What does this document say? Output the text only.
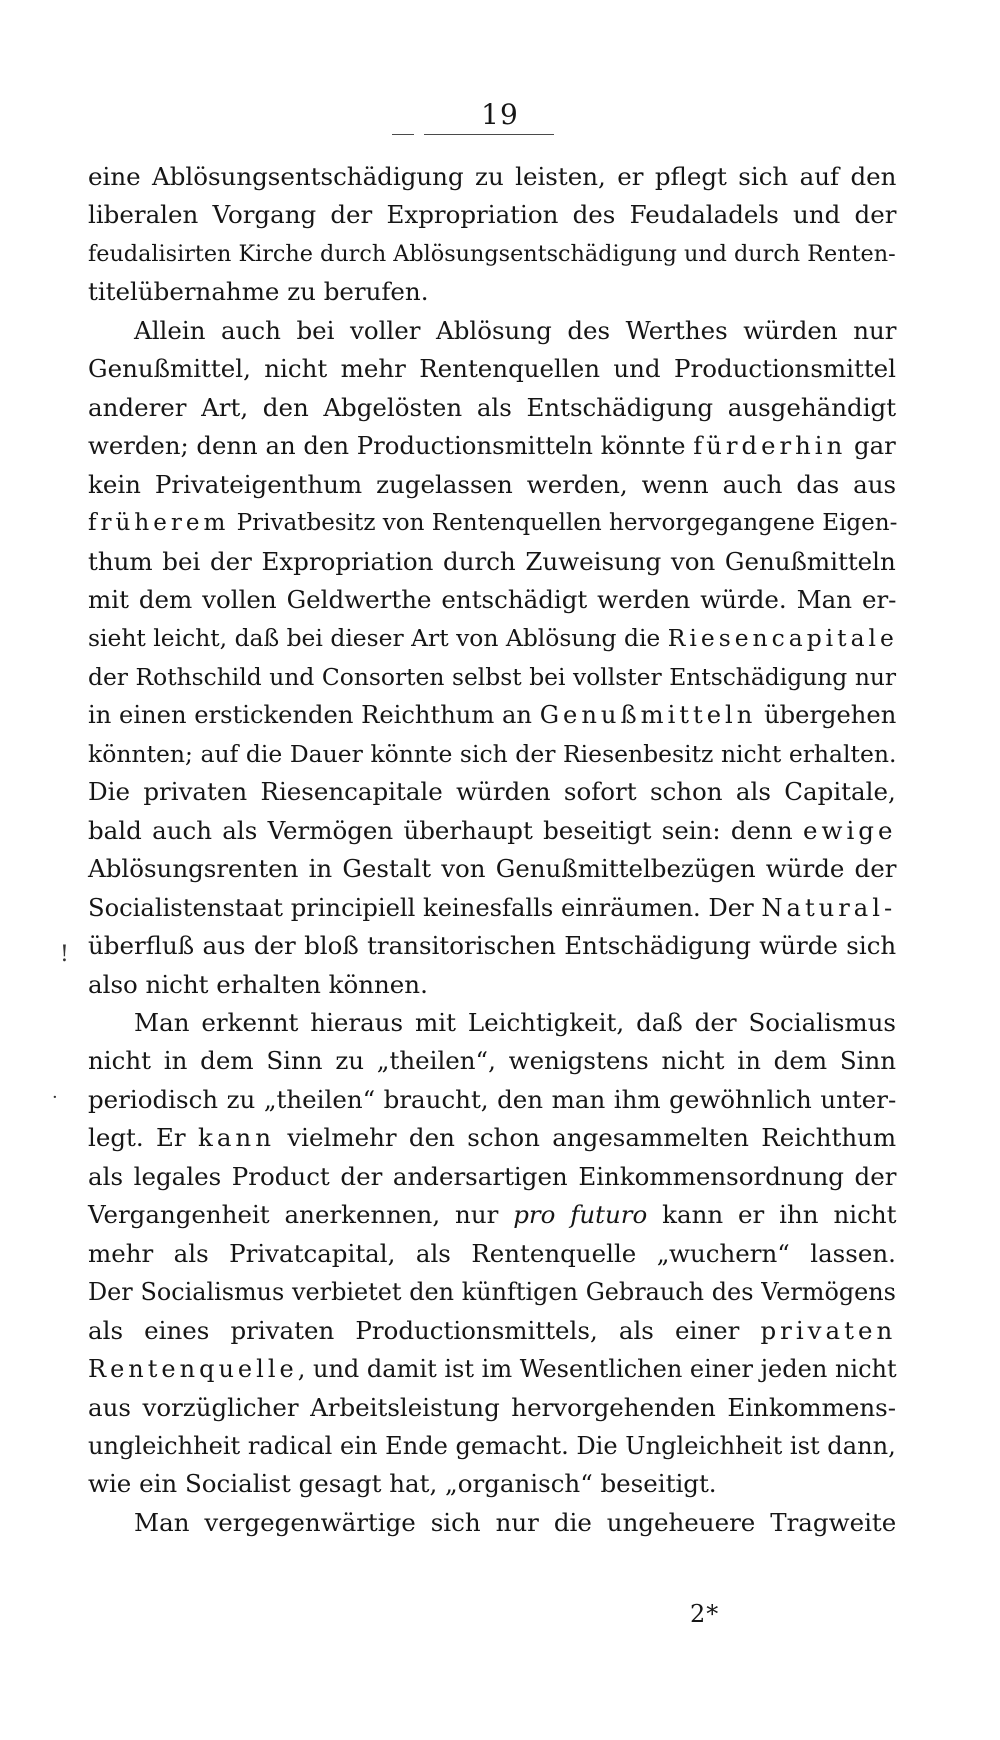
19
!
·
eine Ablösungsentschädigung zu leisten, er pflegt sich auf den
liberalen Vorgang der Expropriation des Feudaladels und der
feudalisirten Kirche durch Ablösungsentschädigung und durch Renten-
titelübernahme zu berufen.
Allein auch bei voller Ablösung des Werthes würden nur
Genußmittel, nicht mehr Rentenquellen und Productionsmittel
anderer Art, den Abgelösten als Entschädigung ausgehändigt
werden; denn an den Productionsmitteln könnte fürderhin gar
kein Privateigenthum zugelassen werden, wenn auch das aus
früherem Privatbesitz von Rentenquellen hervorgegangene Eigen-
thum bei der Expropriation durch Zuweisung von Genußmitteln
mit dem vollen Geldwerthe entschädigt werden würde. Man er-
sieht leicht, daß bei dieser Art von Ablösung die Riesencapitale
der Rothschild und Consorten selbst bei vollster Entschädigung nur
in einen erstickenden Reichthum an Genußmitteln übergehen
könnten; auf die Dauer könnte sich der Riesenbesitz nicht erhalten.
Die privaten Riesencapitale würden sofort schon als Capitale,
bald auch als Vermögen überhaupt beseitigt sein: denn ewige
Ablösungsrenten in Gestalt von Genußmittelbezügen würde der
Socialistenstaat principiell keinesfalls einräumen. Der Natural-
überfluß aus der bloß transitorischen Entschädigung würde sich
also nicht erhalten können.
Man erkennt hieraus mit Leichtigkeit, daß der Socialismus
nicht in dem Sinn zu „theilen“, wenigstens nicht in dem Sinn
periodisch zu „theilen“ braucht, den man ihm gewöhnlich unter-
legt. Er kann vielmehr den schon angesammelten Reichthum
als legales Product der andersartigen Einkommensordnung der
Vergangenheit anerkennen, nur pro futuro kann er ihn nicht
mehr als Privatcapital, als Rentenquelle „wuchern“ lassen.
Der Socialismus verbietet den künftigen Gebrauch des Vermögens
als eines privaten Productionsmittels, als einer privaten
Rentenquelle, und damit ist im Wesentlichen einer jeden nicht
aus vorzüglicher Arbeitsleistung hervorgehenden Einkommens-
ungleichheit radical ein Ende gemacht. Die Ungleichheit ist dann,
wie ein Socialist gesagt hat, „organisch“ beseitigt.
Man vergegenwärtige sich nur die ungeheuere Tragweite
2*
